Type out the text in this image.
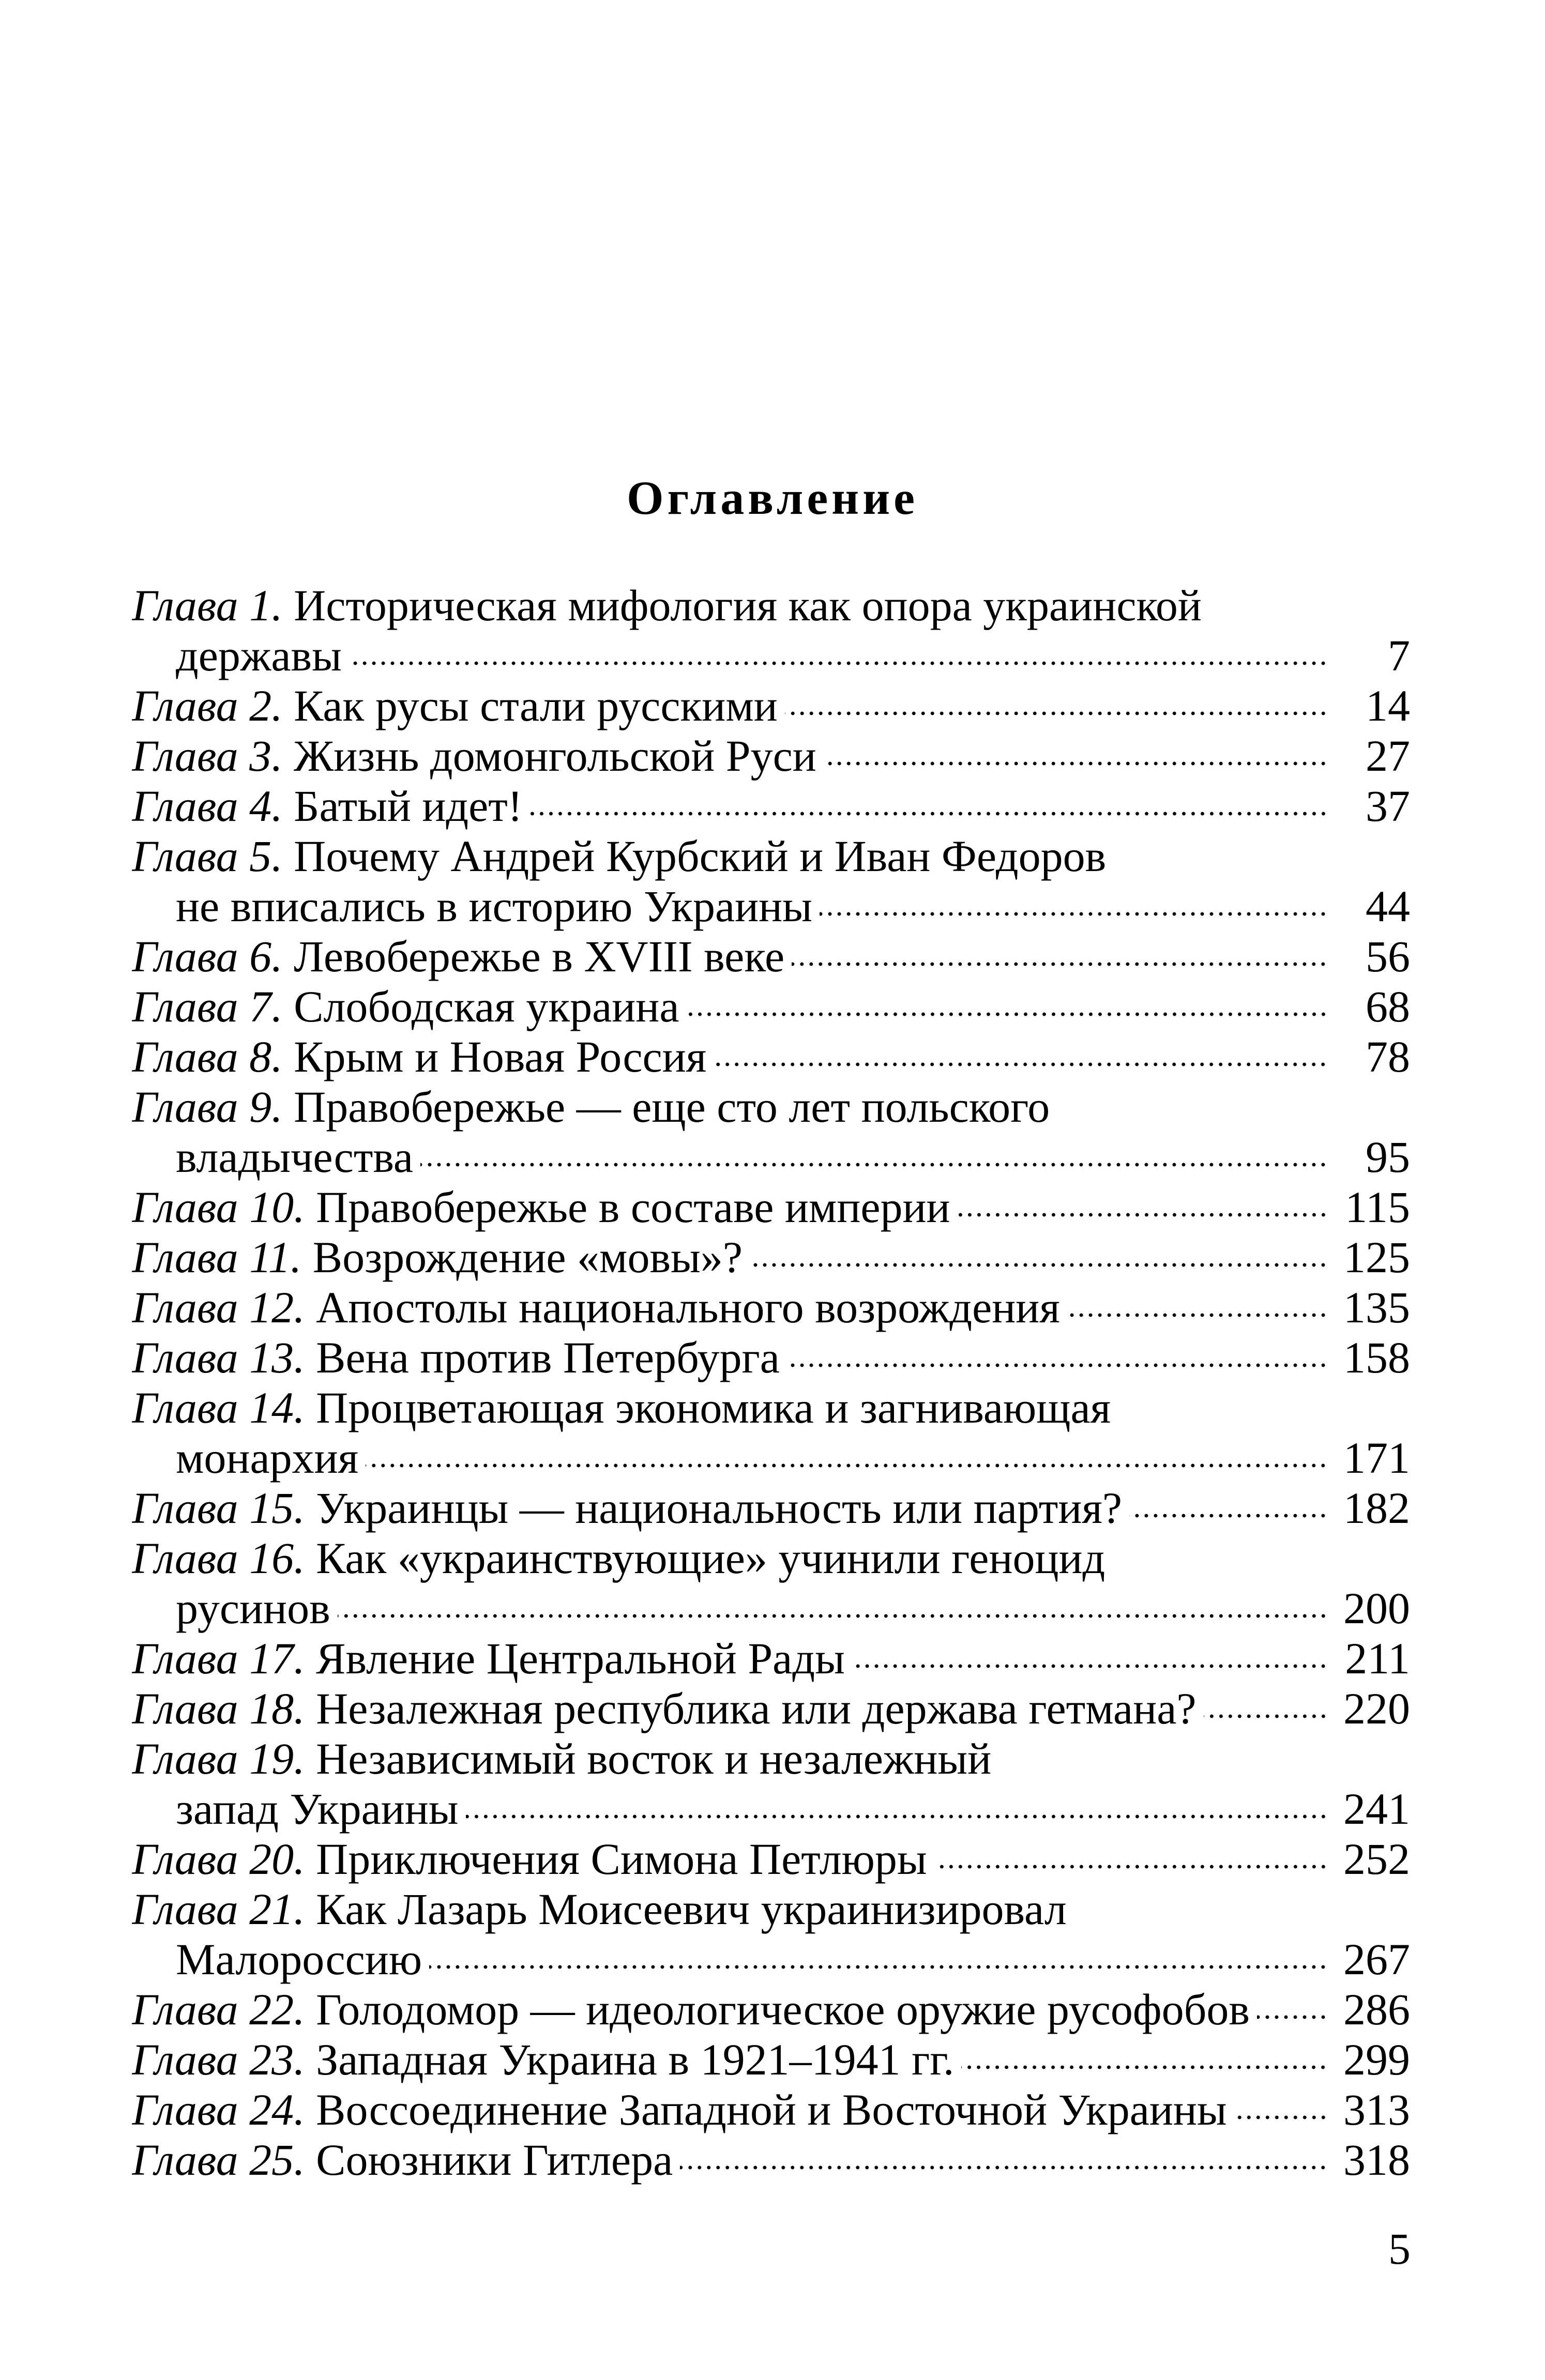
Оглавление
Глава 1. Историческая мифология как опора украинской
державы	7
Глава 2. Как русы стали русскими	14
Глава 3. Жизнь домонгольской Руси	27
Глава 4. Батый идет!	37
Глава 5. Почему Андрей Курбский и Иван Федоров
не вписались в историю Украины	44
Глава 6. Левобережье в XVIII веке	56
Глава 7. Слободская украина	68
Глава 8. Крым и Новая Россия	78
Глава 9. Правобережье — еще сто лет польского
владычества	95
Глава 10. Правобережье в составе империи	115
Глава 11. Возрождение «мовы»?	125
Глава 12. Апостолы национального возрождения	135
Глава 13. Вена против Петербурга	158
Глава 14. Процветающая экономика и загнивающая
монархия	171
Глава 15. Украинцы — национальность или партия?	182
Глава 16. Как «украинствующие» учинили геноцид
русинов	200
Глава 17. Явление Центральной Рады	211
Глава 18. Незалежная республика или держава гетмана?	220
Глава 19. Независимый восток и незалежный
запад Украины	241
Глава 20. Приключения Симона Петлюры	252
Глава 21. Как Лазарь Моисеевич украинизировал
Малороссию	267
Глава 22. Голодомор — идеологическое оружие русофобов 286
Глава 23. Западная Украина в 1921–1941 гг.	299
Глава 24. Воссоединение Западной и Восточной Украины	313
Глава 25. Союзники Гитлера	318

5
